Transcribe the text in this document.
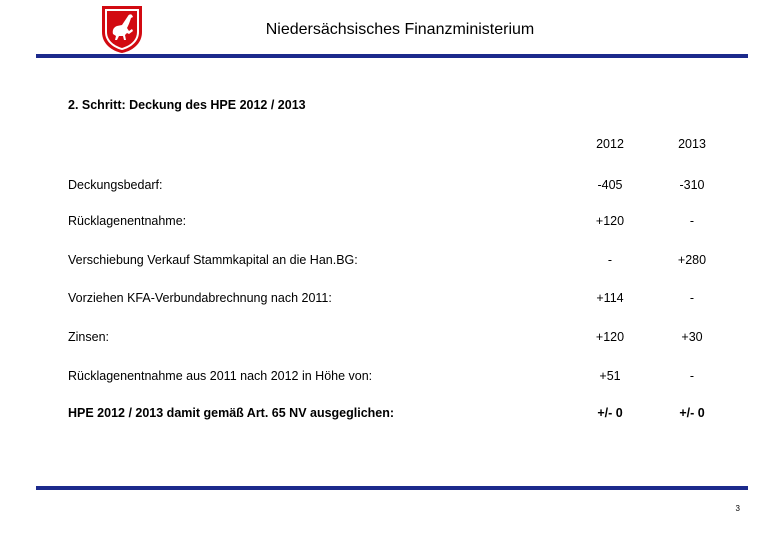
Niedersächsisches Finanzministerium
2. Schritt: Deckung des HPE 2012 / 2013
2012	2013
Deckungsbedarf:	-405	-310
Rücklagenentnahme:	+120	-
Verschiebung Verkauf Stammkapital an die Han.BG:	-	+280
Vorziehen KFA-Verbundabrechnung nach 2011:	+114	-
Zinsen:	+120	+30
Rücklagenentnahme aus 2011 nach 2012 in Höhe von:	+51	-
HPE 2012 / 2013 damit gemäß Art. 65 NV ausgeglichen:	+/- 0	+/- 0
3
